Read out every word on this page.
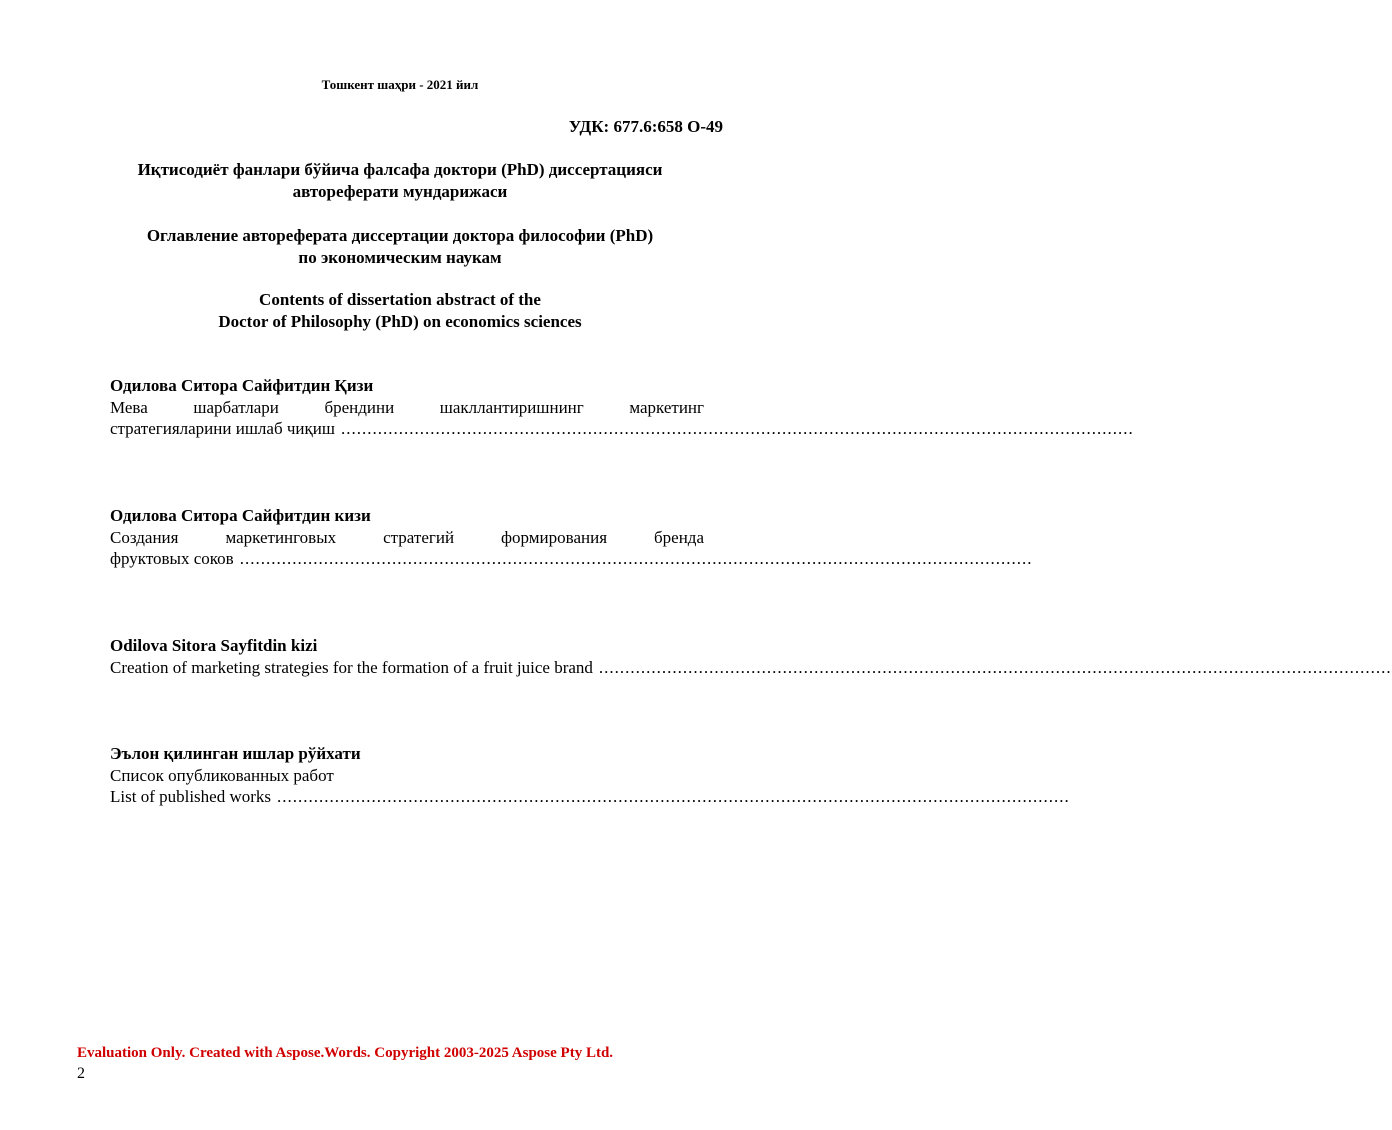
Тошкент шаҳри - 2021 йил
УДК: 677.6:658 О-49
Иқтисодиёт фанлари бўйича фалсафа доктори (PhD) диссертацияси
автореферати мундарижаси
Оглавление автореферата диссертации доктора философии (PhD)
по экономическим наукам
Contents of dissertation abstract of the
Doctor of Philosophy (PhD) on economics sciences
Одилова Ситора Сайфитдин Қизи
Мева шарбатлари брендини шакллантиришнинг маркетинг
стратегияларини ишлаб чиқиш .......................................................................................................................................................
Одилова Ситора Сайфитдин кизи
Создания маркетинговых стратегий формирования бренда
фруктовых соков .......................................................................................................................................................
Odilova Sitora Sayfitdin kizi
Creation of marketing strategies for the formation of a fruit juice brand .......................................................................................................................................................
Эълон қилинган ишлар рўйхати
Список опубликованных работ
List of published works .......................................................................................................................................................
Evaluation Only. Created with Aspose.Words. Copyright 2003-2025 Aspose Pty Ltd.
2
